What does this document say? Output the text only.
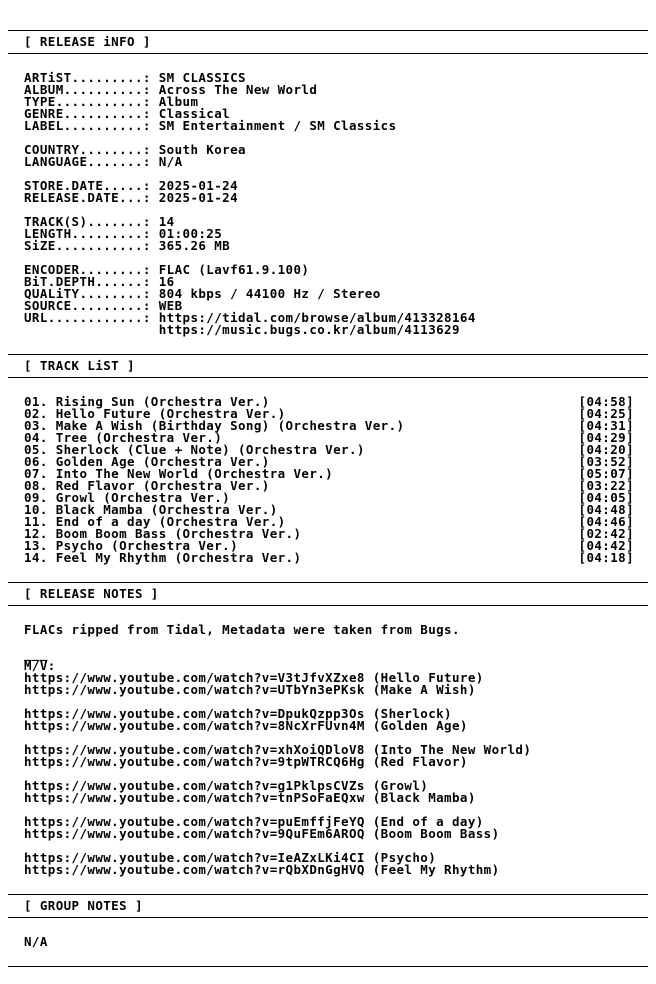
[ RELEASE iNFO ]
[ TRACK LiST ]
[ RELEASE NOTES ]
[ GROUP NOTES ]
ARTiST.........: SM CLASSICS
ALBUM..........: Across The New World
TYPE...........: Album
GENRE..........: Classical
LABEL..........: SM Entertainment / SM Classics
COUNTRY........: South Korea
LANGUAGE.......: N/A
STORE.DATE.....: 2025-01-24
RELEASE.DATE...: 2025-01-24
TRACK(S).......: 14
LENGTH.........: 01:00:25
SiZE...........: 365.26 MB
ENCODER........: FLAC (Lavf61.9.100)
BiT.DEPTH......: 16
QUALiTY........: 804 kbps / 44100 Hz / Stereo
SOURCE.........: WEB
URL............: https://tidal.com/browse/album/413328164
https://music.bugs.co.kr/album/4113629
01. Rising Sun (Orchestra Ver.)	[04:58]
02. Hello Future (Orchestra Ver.)	[04:25]
03. Make A Wish (Birthday Song) (Orchestra Ver.)	[04:31]
04. Tree (Orchestra Ver.)	[04:29]
05. Sherlock (Clue + Note) (Orchestra Ver.)	[04:20]
06. Golden Age (Orchestra Ver.)	[03:52]
07. Into The New World (Orchestra Ver.)	[05:07]
08. Red Flavor (Orchestra Ver.)	[03:22]
09. Growl (Orchestra Ver.)	[04:05]
10. Black Mamba (Orchestra Ver.)	[04:48]
11. End of a day (Orchestra Ver.)	[04:46]
12. Boom Boom Bass (Orchestra Ver.)	[02:42]
13. Psycho (Orchestra Ver.)	[04:42]
14. Feel My Rhythm (Orchestra Ver.)	[04:18]
FLACs ripped from Tidal, Metadata were taken from Bugs.
___
M/V:
https://www.youtube.com/watch?v=V3tJfvXZxe8 (Hello Future)
https://www.youtube.com/watch?v=UTbYn3ePKsk (Make A Wish)
https://www.youtube.com/watch?v=DpukQzpp3Os (Sherlock)
https://www.youtube.com/watch?v=8NcXrFUvn4M (Golden Age)
https://www.youtube.com/watch?v=xhXoiQDloV8 (Into The New World)
https://www.youtube.com/watch?v=9tpWTRCQ6Hg (Red Flavor)
https://www.youtube.com/watch?v=g1PklpsCVZs (Growl)
https://www.youtube.com/watch?v=tnPSoFaEQxw (Black Mamba)
https://www.youtube.com/watch?v=puEmffjFeYQ (End of a day)
https://www.youtube.com/watch?v=9QuFEm6AROQ (Boom Boom Bass)
https://www.youtube.com/watch?v=IeAZxLKi4CI (Psycho)
https://www.youtube.com/watch?v=rQbXDnGgHVQ (Feel My Rhythm)
N/A
